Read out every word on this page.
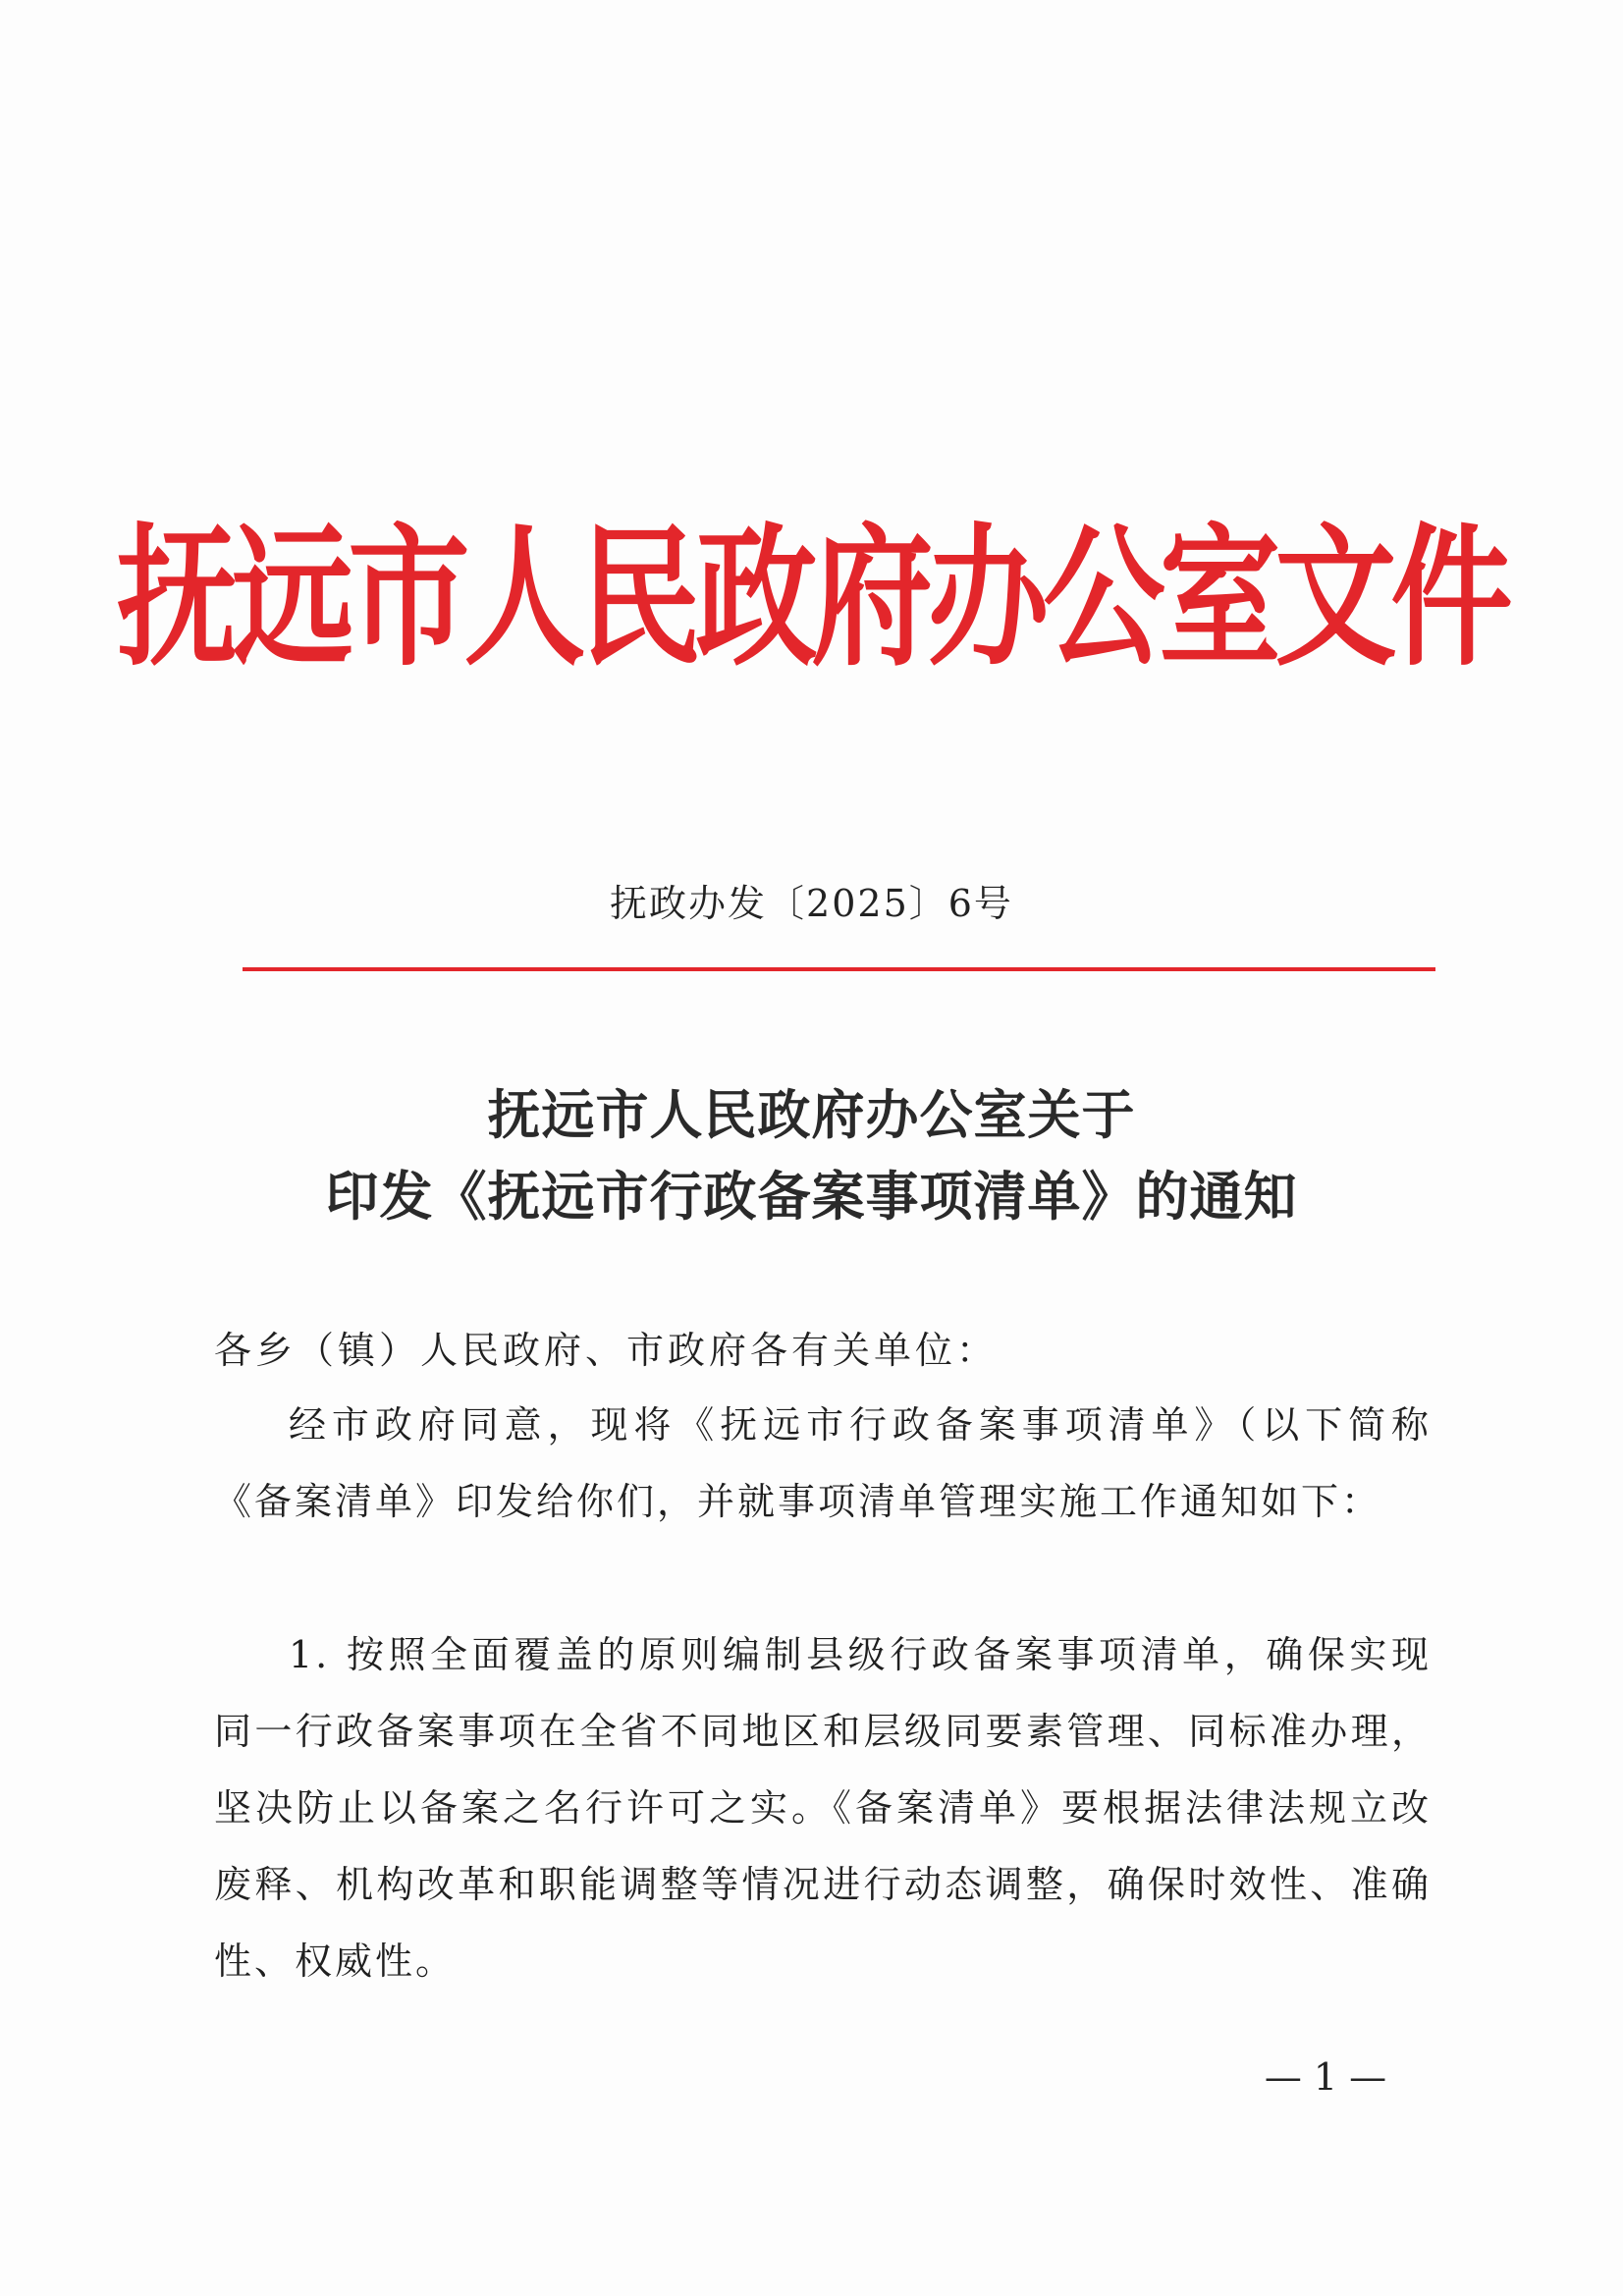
抚远市人民政府办公室文件
抚政办发〔2025〕6号
抚远市人民政府办公室关于
印发《抚远市行政备案事项清单》的通知
各乡（镇）人民政府、市政府各有关单位：
经市政府同意，现将《抚远市行政备案事项清单》（以下简称《备案清单》印发给你们，并就事项清单管理实施工作通知如下：
1. 按照全面覆盖的原则编制县级行政备案事项清单，确保实现同一行政备案事项在全省不同地区和层级同要素管理、同标准办理，坚决防止以备案之名行许可之实。《备案清单》要根据法律法规立改废释、机构改革和职能调整等情况进行动态调整，确保时效性、准确性、权威性。
— 1 —
